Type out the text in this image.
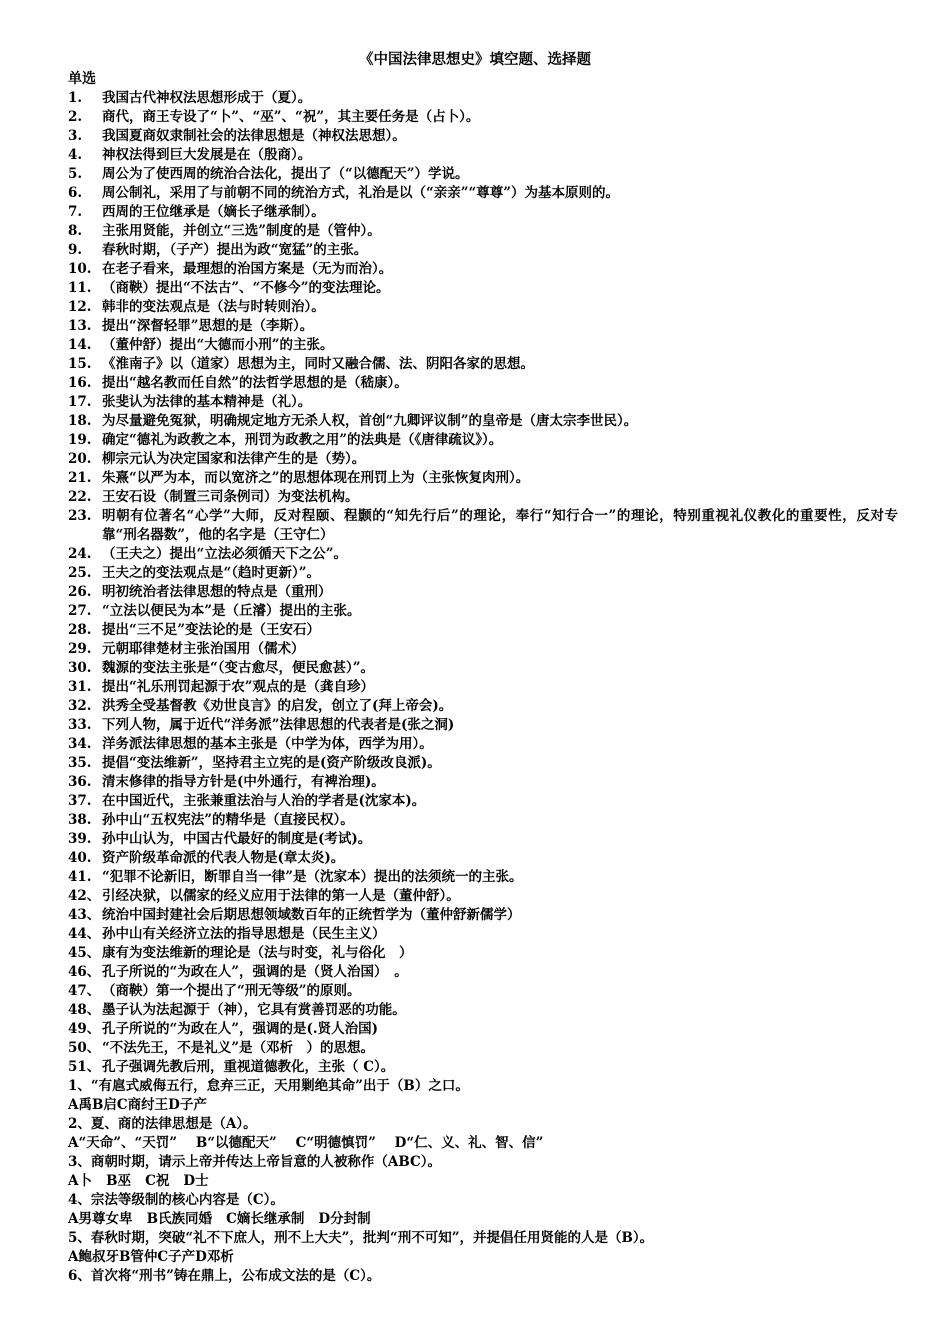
《中国法律思想史》填空题、选择题
单选
1.	我国古代神权法思想形成于（夏）。
2.	商代，商王专设了“卜”、“巫”、“祝”，其主要任务是（占卜）。
3.	我国夏商奴隶制社会的法律思想是（神权法思想）。
4.	神权法得到巨大发展是在（殷商）。
5.	周公为了使西周的统治合法化，提出了（“以德配天”）学说。
6.	周公制礼，采用了与前朝不同的统治方式，礼治是以（“亲亲”“尊尊”）为基本原则的。
7.	西周的王位继承是（嫡长子继承制）。
8.	主张用贤能，并创立“三选”制度的是（管仲）。
9.	春秋时期，（子产）提出为政“宽猛”的主张。
10. 在老子看来，最理想的治国方案是（无为而治）。
11. （商鞅）提出“不法古”、“不修今”的变法理论。
12. 韩非的变法观点是（法与时转则治）。
13. 提出“深督轻罪”思想的是（李斯）。
14. （董仲舒）提出“大德而小刑”的主张。
15. 《淮南子》以（道家）思想为主，同时又融合儒、法、阴阳各家的思想。
16. 提出“越名教而任自然”的法哲学思想的是（嵇康）。
17. 张斐认为法律的基本精神是（礼）。
18. 为尽量避免冤狱，明确规定地方无杀人权，首创“九卿评议制”的皇帝是（唐太宗李世民）。
19. 确定“德礼为政教之本，刑罚为政教之用”的法典是（《唐律疏议》）。
20. 柳宗元认为决定国家和法律产生的是（势）。
21. 朱熹“以严为本，而以宽济之”的思想体现在刑罚上为（主张恢复肉刑）。
22. 王安石设（制置三司条例司）为变法机构。
23. 明朝有位著名“心学”大师，反对程颐、程颢的“知先行后”的理论，奉行“知行合一”的理论，特别重视礼仪教化的重要性，反对专靠“刑名器数”，他的名字是（王守仁）
24. （王夫之）提出“立法必须循天下之公”。
25. 王夫之的变法观点是“（趋时更新）”。
26. 明初统治者法律思想的特点是（重刑）
27. “立法以便民为本”是（丘濬）提出的主张。
28. 提出“三不足”变法论的是（王安石）
29. 元朝耶律楚材主张治国用（儒术）
30. 魏源的变法主张是“（变古愈尽，便民愈甚）”。
31. 提出“礼乐刑罚起源于农”观点的是（龚自珍）
32. 洪秀全受基督教《劝世良言》的启发，创立了(拜上帝会)。
33. 下列人物，属于近代“洋务派”法律思想的代表者是(张之洞)
34. 洋务派法律思想的基本主张是（中学为体，西学为用）。
35. 提倡“变法维新”，坚持君主立宪的是(资产阶级改良派)。
36. 清末修律的指导方针是(中外通行，有裨治理)。
37. 在中国近代，主张兼重法治与人治的学者是(沈家本)。
38. 孙中山“五权宪法”的精华是（直接民权）。
39. 孙中山认为，中国古代最好的制度是(考试)。
40. 资产阶级革命派的代表人物是(章太炎)。
41. “犯罪不论新旧，断罪自当一律”是（沈家本）提出的法须统一的主张。
42、 引经决狱，以儒家的经义应用于法律的第一人是（董仲舒）。
43、 统治中国封建社会后期思想领域数百年的正统哲学为（董仲舒新儒学）
44、 孙中山有关经济立法的指导思想是（民生主义）
45、 康有为变法维新的理论是（法与时变，礼与俗化　）
46、 孔子所说的“为政在人”，强调的是（贤人治国）　。
47、 （商鞅）第一个提出了“刑无等级”的原则。
48、 墨子认为法起源于（神），它具有赏善罚恶的功能。
49、 孔子所说的“为政在人”，强调的是(.贤人治国)
50、 “不法先王，不是礼义”是（邓析　）的思想。
51、 孔子强调先教后刑，重视道德教化，主张（ C）。
1、“有扈式威侮五行，怠弃三正，天用剿绝其命”出于（B）之口。
A禹B启C商纣王D子产
2、夏、商的法律思想是（A）。
A“天命”、“天罚”    B“以德配天”    C“明德慎罚”    D“仁、义、礼、智、信”
3、商朝时期，请示上帝并传达上帝旨意的人被称作（ABC）。
A卜   B巫   C祝   D士
4、宗法等级制的核心内容是（C）。
A男尊女卑   B氏族同婚   C嫡长继承制   D分封制
5、春秋时期，突破“礼不下庶人，刑不上大夫”，批判“刑不可知”，并提倡任用贤能的人是（B）。
A鲍叔牙B管仲C子产D邓析
6、首次将“刑书”铸在鼎上，公布成文法的是（C）。
